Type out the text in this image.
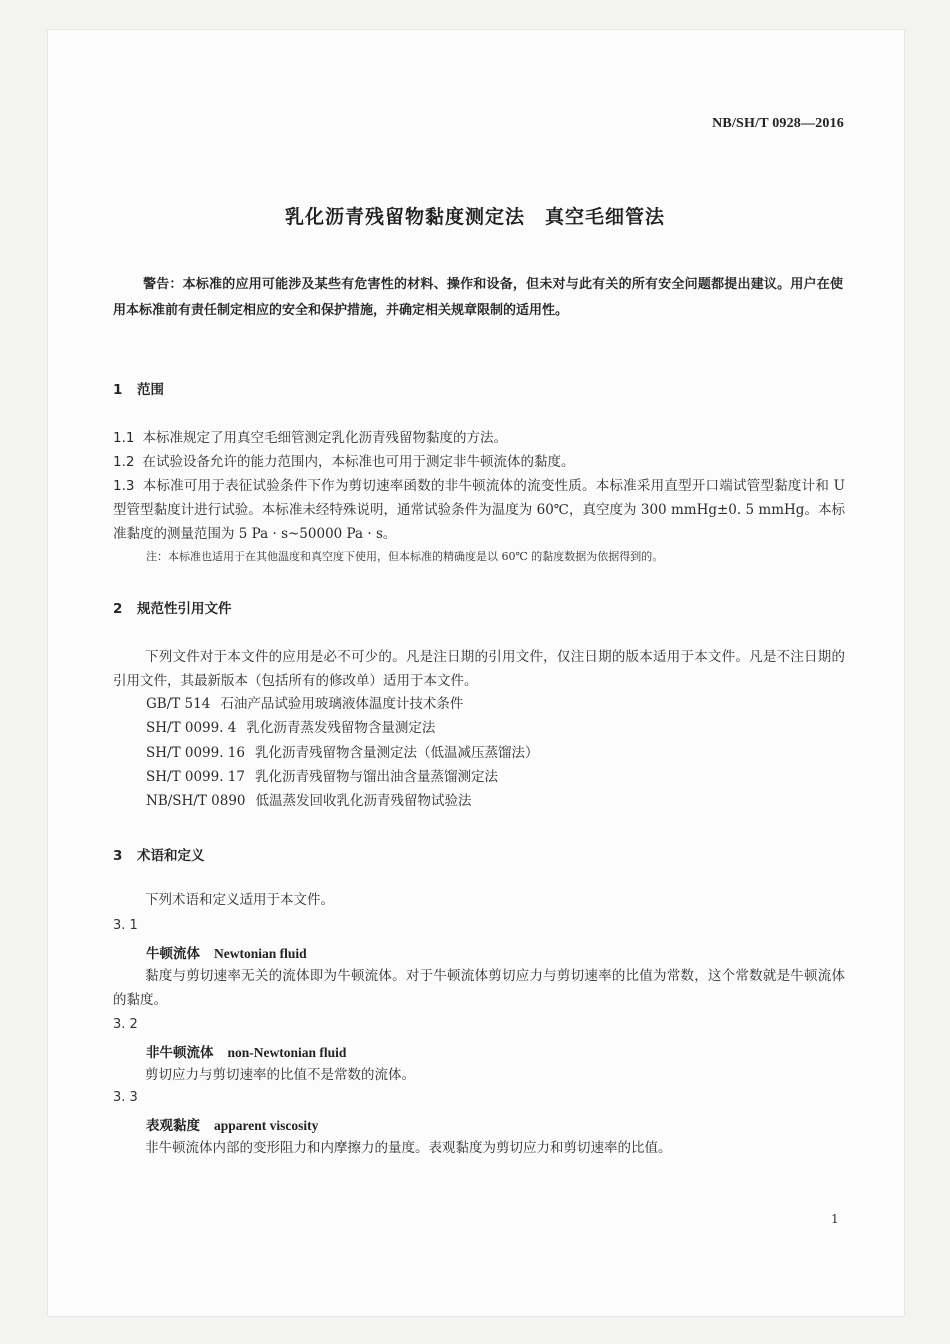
NB/SH/T 0928—2016
乳化沥青残留物黏度测定法　真空毛细管法
警告：本标准的应用可能涉及某些有危害性的材料、操作和设备，但未对与此有关的所有安全问题都提出建议。用户在使用本标准前有责任制定相应的安全和保护措施，并确定相关规章限制的适用性。
1 范围
1.1 本标准规定了用真空毛细管测定乳化沥青残留物黏度的方法。
1.2 在试验设备允许的能力范围内，本标准也可用于测定非牛顿流体的黏度。
1.3 本标准可用于表征试验条件下作为剪切速率函数的非牛顿流体的流变性质。本标准采用直型开口端试管型黏度计和 U 型管型黏度计进行试验。本标准未经特殊说明，通常试验条件为温度为 60℃，真空度为 300 mmHg±0. 5 mmHg。本标准黏度的测量范围为 5 Pa · s~50000 Pa · s。
注：本标准也适用于在其他温度和真空度下使用，但本标准的精确度是以 60℃ 的黏度数据为依据得到的。
2 规范性引用文件
下列文件对于本文件的应用是必不可少的。凡是注日期的引用文件，仅注日期的版本适用于本文件。凡是不注日期的引用文件，其最新版本（包括所有的修改单）适用于本文件。
GB/T 514 石油产品试验用玻璃液体温度计技术条件
SH/T 0099. 4 乳化沥青蒸发残留物含量测定法
SH/T 0099. 16 乳化沥青残留物含量测定法（低温减压蒸馏法）
SH/T 0099. 17 乳化沥青残留物与馏出油含量蒸馏测定法
NB/SH/T 0890 低温蒸发回收乳化沥青残留物试验法
3 术语和定义
下列术语和定义适用于本文件。
3. 1
牛顿流体 Newtonian fluid
黏度与剪切速率无关的流体即为牛顿流体。对于牛顿流体剪切应力与剪切速率的比值为常数，这个常数就是牛顿流体的黏度。
3. 2
非牛顿流体 non-Newtonian fluid
剪切应力与剪切速率的比值不是常数的流体。
3. 3
表观黏度 apparent viscosity
非牛顿流体内部的变形阻力和内摩擦力的量度。表观黏度为剪切应力和剪切速率的比值。
1
